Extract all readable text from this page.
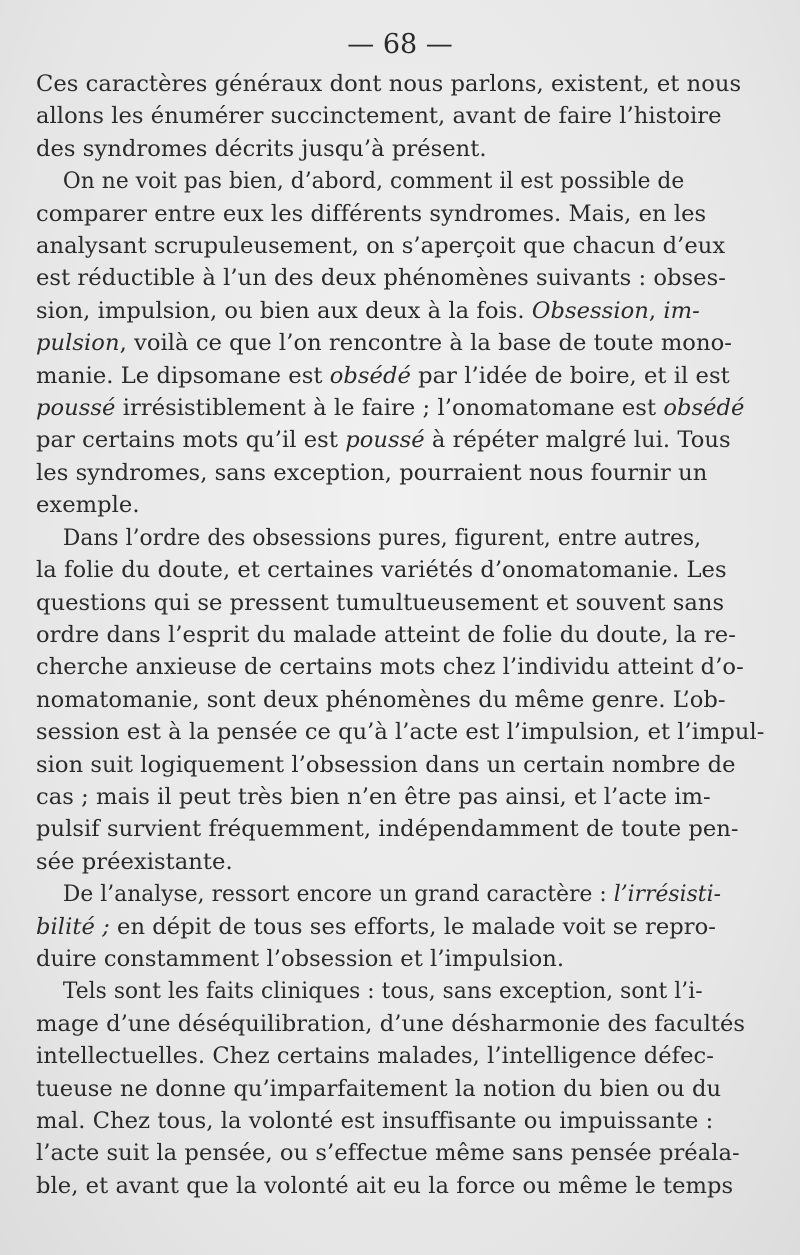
— 68 —

Ces caractères généraux dont nous parlons, existent, et nous
allons les énumérer succinctement, avant de faire l’histoire
des syndromes décrits jusqu’à présent.

On ne voit pas bien, d’abord, comment il est possible de
comparer entre eux les différents syndromes. Mais, en les
analysant scrupuleusement, on s’aperçoit que chacun d’eux
est réductible à l’un des deux phénomènes suivants : obses-
sion, impulsion, ou bien aux deux à la fois. Obsession, im-
pulsion, voilà ce que l’on rencontre à la base de toute mono-
manie. Le dipsomane est obsédé par l’idée de boire, et il est
poussé irrésistiblement à le faire ; l’onomatomane est obsédé
par certains mots qu’il est poussé à répéter malgré lui. Tous
les syndromes, sans exception, pourraient nous fournir un
exemple.

Dans l’ordre des obsessions pures, figurent, entre autres,
la folie du doute, et certaines variétés d’onomatomanie. Les
questions qui se pressent tumultueusement et souvent sans
ordre dans l’esprit du malade atteint de folie du doute, la re-
cherche anxieuse de certains mots chez l’individu atteint d’o-
nomatomanie, sont deux phénomènes du même genre. L’ob-
session est à la pensée ce qu’à l’acte est l’impulsion, et l’impul-
sion suit logiquement l’obsession dans un certain nombre de
cas ; mais il peut très bien n’en être pas ainsi, et l’acte im-
pulsif survient fréquemment, indépendamment de toute pen-
sée préexistante.

De l’analyse, ressort encore un grand caractère : l’irrésisti-
bilité ; en dépit de tous ses efforts, le malade voit se repro-
duire constamment l’obsession et l’impulsion.

Tels sont les faits cliniques : tous, sans exception, sont l’i-
mage d’une déséquilibration, d’une désharmonie des facultés
intellectuelles. Chez certains malades, l’intelligence défec-
tueuse ne donne qu’imparfaitement la notion du bien ou du
mal. Chez tous, la volonté est insuffisante ou impuissante :
l’acte suit la pensée, ou s’effectue même sans pensée préala-
ble, et avant que la volonté ait eu la force ou même le temps
